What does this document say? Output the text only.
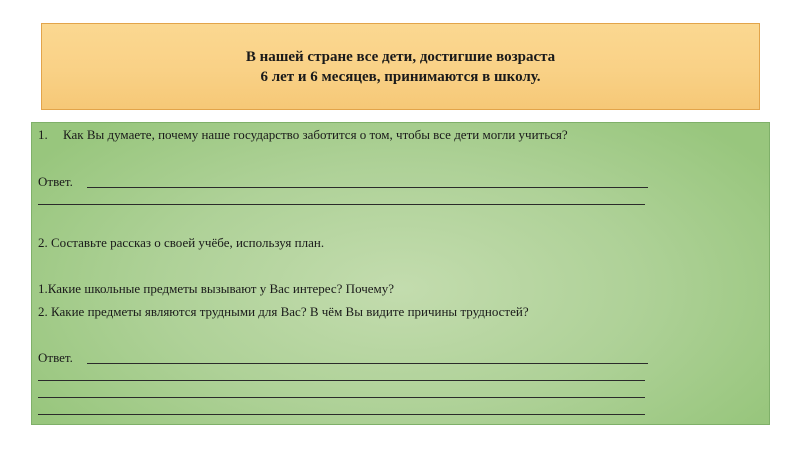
В нашей стране все дети, достигшие возраста
6 лет и 6 месяцев, принимаются в школу.
1. Как Вы думаете, почему наше государство заботится о том, чтобы все дети могли учиться?
Ответ.
2. Составьте рассказ о своей учёбе, используя план.
1.Какие школьные предметы вызывают у Вас интерес? Почему?
2. Какие предметы являются трудными для Вас? В чём Вы видите причины трудностей?
Ответ.
